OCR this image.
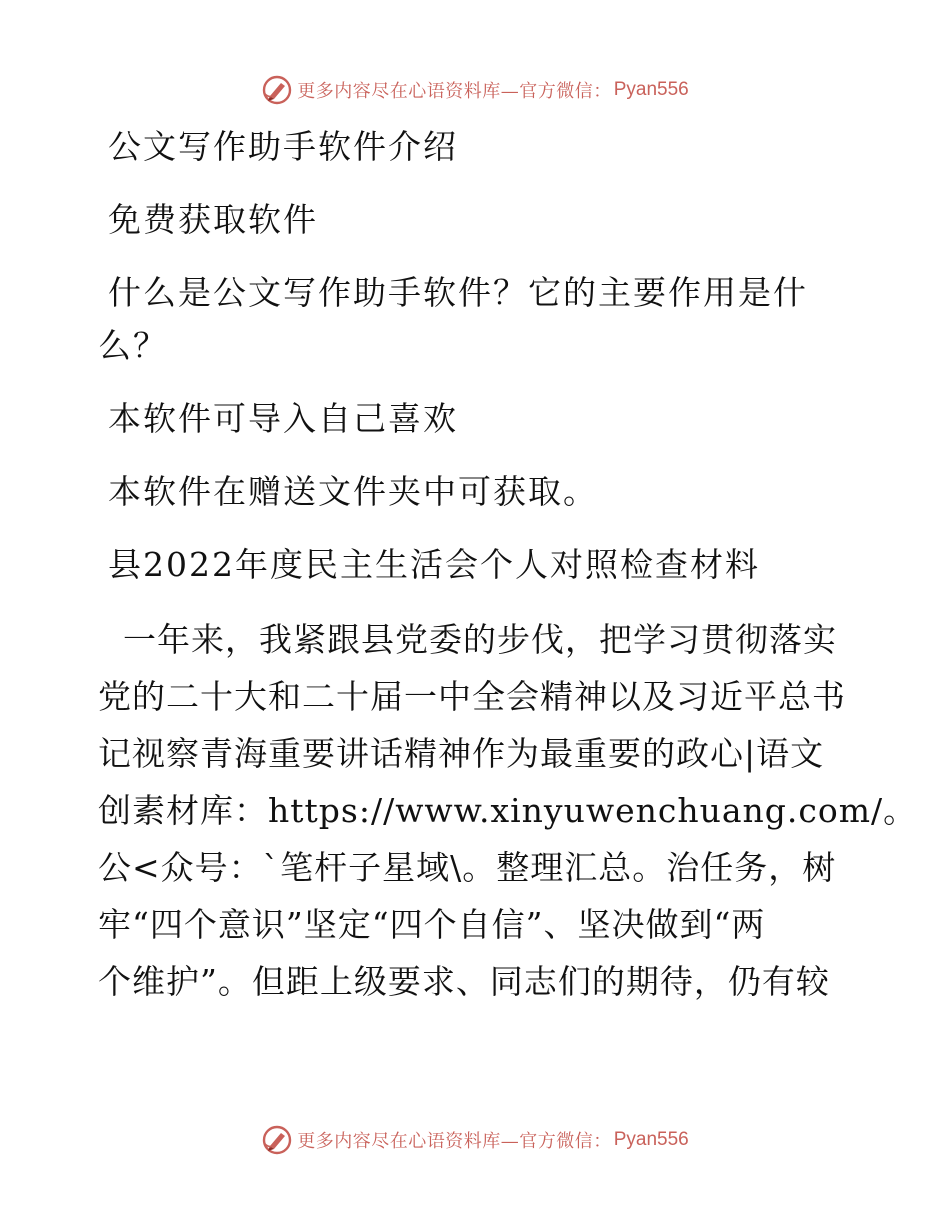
更多内容尽在心语资料库—官方微信： Pyan556
公文写作助手软件介绍
免费获取软件
什么是公文写作助手软件？它的主要作用是什
么？
本软件可导入自己喜欢
本软件在赠送文件夹中可获取。
县2022年度民主生活会个人对照检查材料
一年来，我紧跟县党委的步伐，把学习贯彻落实
党的二十大和二十届一中全会精神以及习近平总书
记视察青海重要讲话精神作为最重要的政心|语文
创素材库：https://www.xinyuwenchuang.com/。
公<众号：`笔杆子星域\。整理汇总。治任务，树
牢“四个意识”坚定“四个自信”、坚决做到“两
个维护”。但距上级要求、同志们的期待，仍有较
更多内容尽在心语资料库—官方微信： Pyan556
